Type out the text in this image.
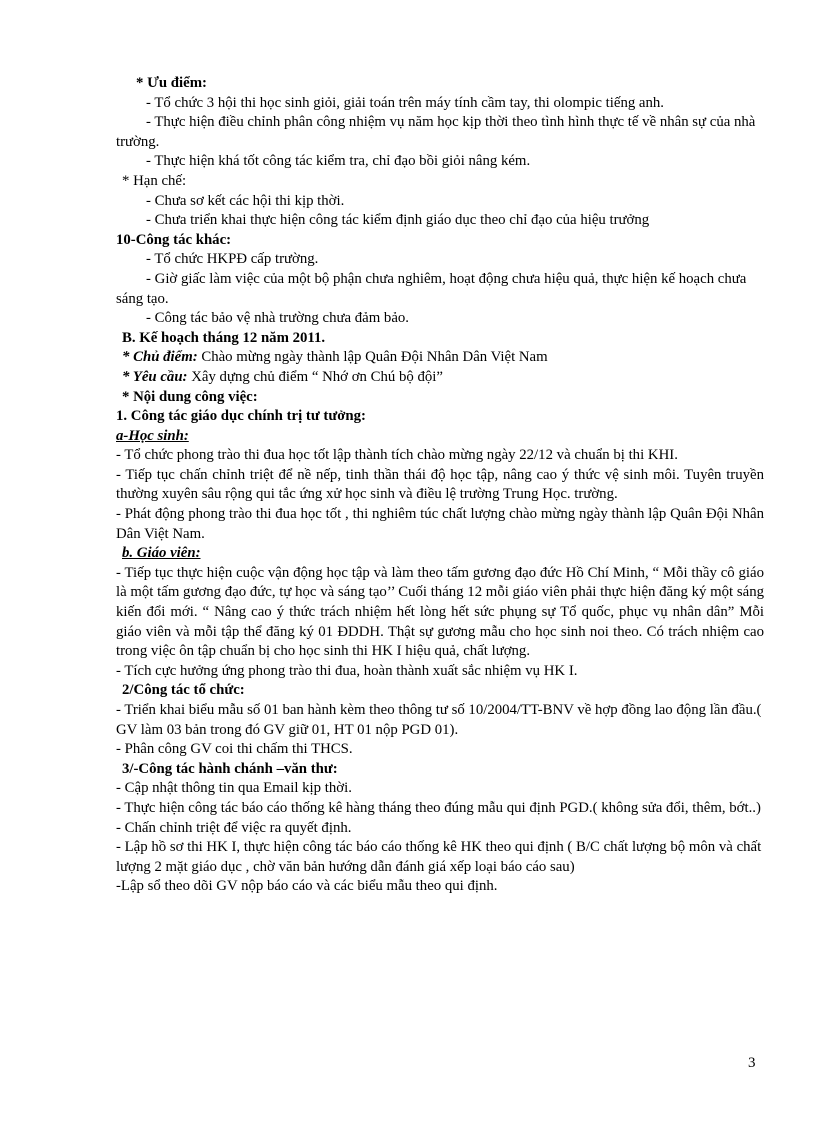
* Ưu điểm:

- Tổ chức 3 hội thi học sinh giỏi, giải toán trên máy tính cầm tay, thi olompic tiếng anh.

- Thực hiện điều chỉnh phân công nhiệm vụ năm học kịp thời theo tình hình thực tế về nhân sự của nhà trường.

- Thực hiện khá tốt công tác kiểm tra, chỉ đạo bồi giỏi nâng kém.

* Hạn chế:

- Chưa sơ kết các hội thi kịp thời.

- Chưa triển khai thực hiện công tác kiểm định giáo dục theo chỉ đạo của hiệu trưởng

10-Công tác khác:

- Tổ chức HKPĐ cấp trường.

- Giờ giấc làm việc của một bộ phận chưa nghiêm, hoạt động chưa hiệu quả, thực hiện kế hoạch chưa sáng tạo.

- Công tác bảo vệ nhà trường chưa đảm bảo.

B. Kế hoạch tháng 12 năm 2011.

* Chủ điểm: Chào mừng ngày thành lập Quân Đội Nhân Dân Việt Nam

* Yêu cầu: Xây dựng chủ điểm “ Nhớ ơn Chú bộ đội”

* Nội dung công việc:

1. Công tác giáo dục chính trị tư tưởng:

a-Học sinh:

- Tổ chức phong trào thi đua học tốt lập thành tích chào mừng ngày 22/12 và chuẩn bị thi KHI.

- Tiếp tục chấn chỉnh triệt để nề nếp, tinh thần thái độ học tập, nâng cao ý thức vệ sinh môi. Tuyên truyền thường xuyên sâu rộng qui tắc ứng xử học sinh và điều lệ trường Trung Học. trường.

- Phát động phong trào thi đua học tốt , thi nghiêm túc chất lượng chào mừng ngày thành lập Quân Đội Nhân Dân Việt Nam.

b. Giáo viên:

- Tiếp tục thực hiện cuộc vận động học tập và làm theo tấm gương đạo đức Hồ Chí Minh, “ Mỗi thầy cô giáo là một tấm gương đạo đức, tự học và sáng tạo’’ Cuối tháng 12 mỗi giáo viên phải thực hiện đăng ký một sáng kiến đổi mới. “ Nâng cao ý thức trách nhiệm hết lòng hết sức phụng sự Tổ quốc, phục vụ nhân dân” Mỗi giáo viên và mỗi tập thể đăng ký 01 ĐDDH. Thật sự gương mẫu cho học sinh noi theo. Có trách nhiệm cao trong việc ôn tập chuẩn bị cho học sinh thi HK I hiệu quả, chất lượng.

- Tích cực hưởng ứng phong trào thi đua, hoàn thành xuất sắc nhiệm vụ HK I.

2/Công tác tổ chức:

- Triển khai biểu mẫu số 01 ban hành kèm theo thông tư số 10/2004/TT-BNV về hợp đồng lao động lần đầu.( GV làm 03 bản trong đó GV giữ 01, HT 01 nộp PGD 01).

- Phân công GV coi thi chấm thi THCS.

3/-Công tác hành chánh –văn thư:

- Cập nhật thông tin qua Email kịp thời.

- Thực hiện công tác báo cáo thống kê hàng tháng theo đúng mẫu qui định PGD.( không sửa đổi, thêm, bớt..)

- Chấn chỉnh triệt để việc ra quyết định.

- Lập hồ sơ thi HK I, thực hiện công tác báo cáo thống kê HK theo qui định ( B/C chất lượng bộ môn và chất lượng 2 mặt giáo dục , chờ văn bản hướng dẫn đánh giá xếp loại báo cáo sau)

-Lập sổ theo dõi GV nộp báo cáo và các biểu mẫu theo qui định.

3
